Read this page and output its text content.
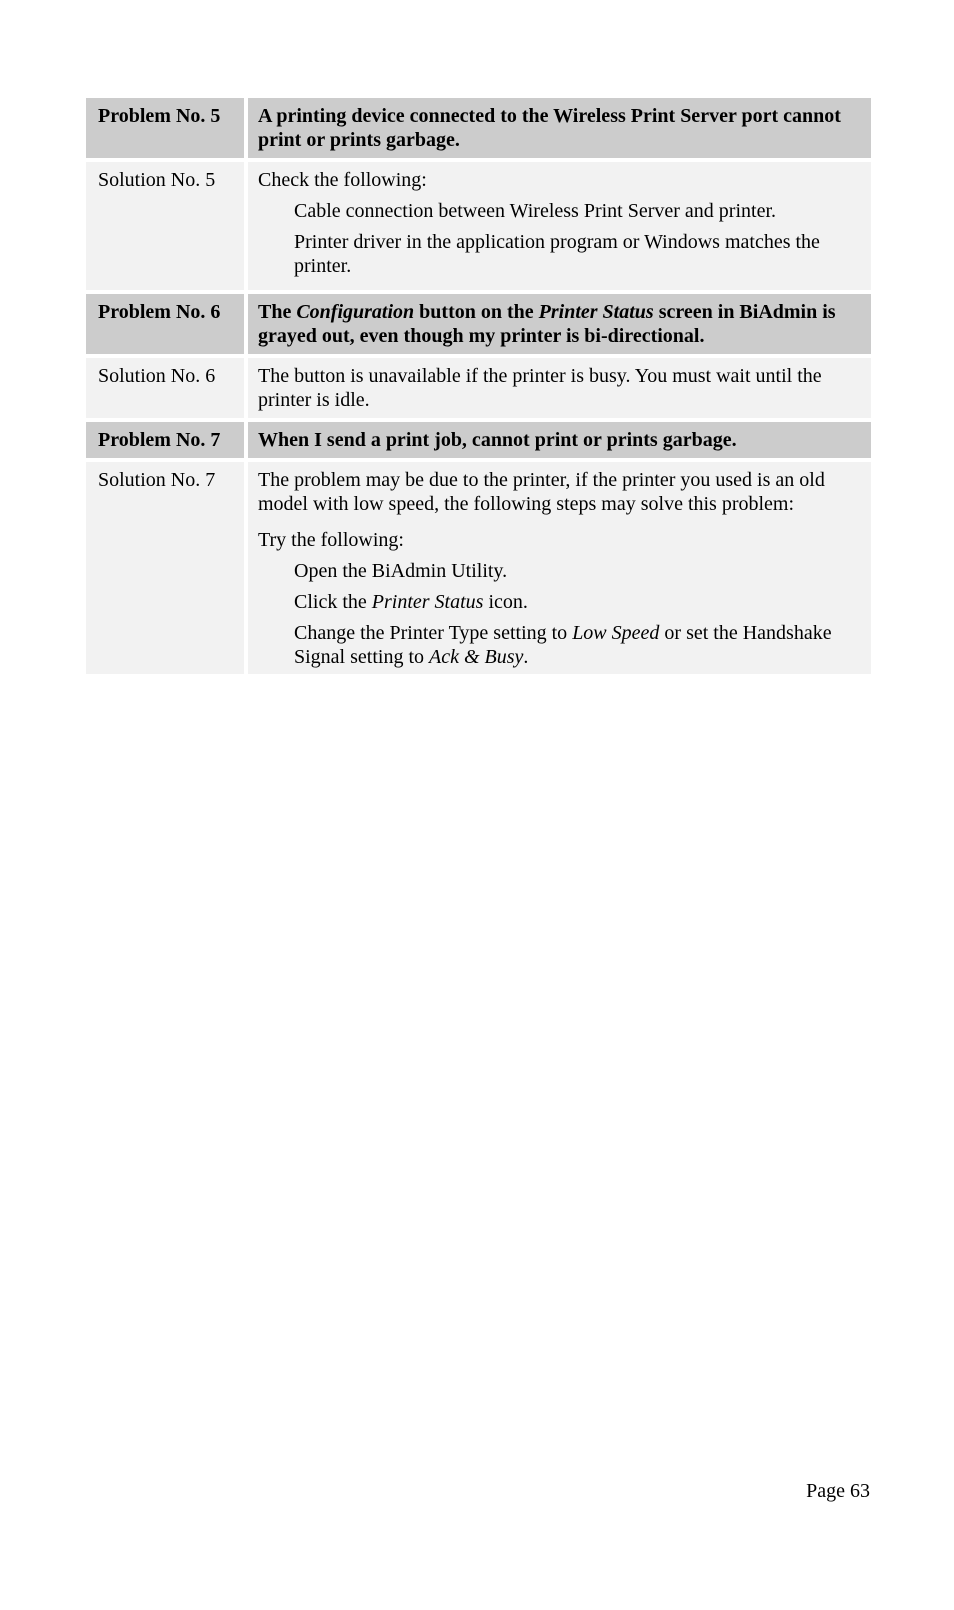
Problem No. 5	A printing device connected to the Wireless Print Server port cannot print or prints garbage.
Solution No. 5	Check the following:

Cable connection between Wireless Print Server and printer.

Printer driver in the application program or Windows matches the printer.

Problem No. 6	The Configuration button on the Printer Status screen in BiAdmin is grayed out, even though my printer is bi-directional.
Solution No. 6	The button is unavailable if the printer is busy. You must wait until the printer is idle.
Problem No. 7	When I send a print job, cannot print or prints garbage.
Solution No. 7	The problem may be due to the printer, if the printer you used is an old model with low speed, the following steps may solve this problem:

Try the following:

Open the BiAdmin Utility.

Click the Printer Status icon.

Change the Printer Type setting to Low Speed or set the Handshake Signal setting to Ack & Busy.

Page 63
